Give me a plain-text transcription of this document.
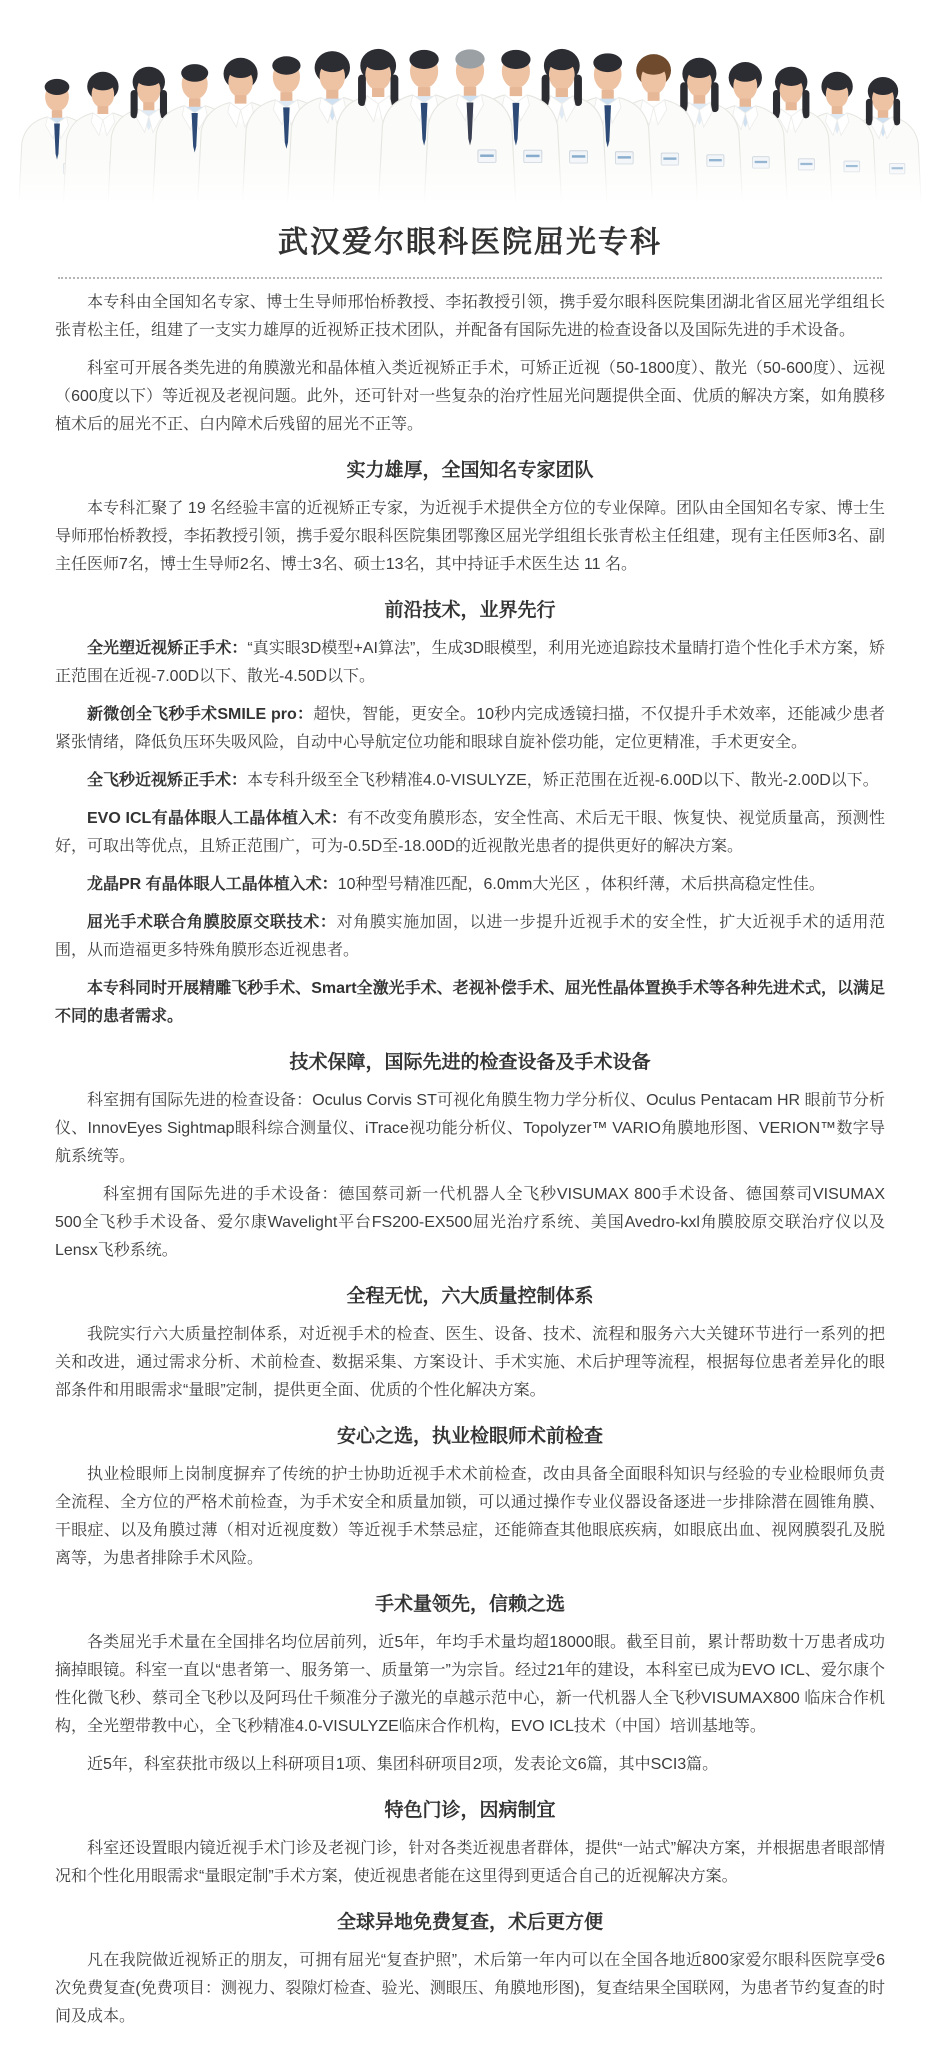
武汉爱尔眼科医院屈光专科

本专科由全国知名专家、博士生导师邢怡桥教授、李拓教授引领，携手爱尔眼科医院集团湖北省区屈光学组组长张青松主任，组建了一支实力雄厚的近视矫正技术团队，并配备有国际先进的检查设备以及国际先进的手术设备。

科室可开展各类先进的角膜激光和晶体植入类近视矫正手术，可矫正近视（50-1800度）、散光（50-600度）、远视（600度以下）等近视及老视问题。此外，还可针对一些复杂的治疗性屈光问题提供全面、优质的解决方案，如角膜移植术后的屈光不正、白内障术后残留的屈光不正等。

实力雄厚，全国知名专家团队

本专科汇聚了 19 名经验丰富的近视矫正专家，为近视手术提供全方位的专业保障。团队由全国知名专家、博士生导师邢怡桥教授，李拓教授引领，携手爱尔眼科医院集团鄂豫区屈光学组组长张青松主任组建，现有主任医师3名、副主任医师7名，博士生导师2名、博士3名、硕士13名，其中持证手术医生达 11 名。

前沿技术，业界先行

全光塑近视矫正手术：“真实眼3D模型+AI算法”，生成3D眼模型，利用光迹追踪技术量睛打造个性化手术方案，矫正范围在近视-7.00D以下、散光-4.50D以下。

新微创全飞秒手术SMILE pro：超快，智能，更安全。10秒内完成透镜扫描，不仅提升手术效率，还能减少患者紧张情绪，降低负压环失吸风险，自动中心导航定位功能和眼球自旋补偿功能，定位更精准，手术更安全。

全飞秒近视矫正手术：本专科升级至全飞秒精准4.0-VISULYZE，矫正范围在近视-6.00D以下、散光-2.00D以下。

EVO ICL有晶体眼人工晶体植入术：有不改变角膜形态，安全性高、术后无干眼、恢复快、视觉质量高，预测性好，可取出等优点，且矫正范围广，可为-0.5D至-18.00D的近视散光患者的提供更好的解决方案。

龙晶PR 有晶体眼人工晶体植入术：10种型号精准匹配，6.0mm大光区 ，体积纤薄，术后拱高稳定性佳。

屈光手术联合角膜胶原交联技术：对角膜实施加固，以进一步提升近视手术的安全性，扩大近视手术的适用范围，从而造福更多特殊角膜形态近视患者。

本专科同时开展精雕飞秒手术、Smart全激光手术、老视补偿手术、屈光性晶体置换手术等各种先进术式，以满足不同的患者需求。

技术保障，国际先进的检查设备及手术设备

科室拥有国际先进的检查设备：Oculus Corvis ST可视化角膜生物力学分析仪、Oculus Pentacam HR 眼前节分析仪、InnovEyes Sightmap眼科综合测量仪、iTrace视功能分析仪、Topolyzer™ VARIO角膜地形图、VERION™数字导航系统等。

科室拥有国际先进的手术设备：德国蔡司新一代机器人全飞秒VISUMAX 800手术设备、德国蔡司VISUMAX 500全飞秒手术设备、爱尔康Wavelight平台FS200-EX500屈光治疗系统、美国Avedro-kxl角膜胶原交联治疗仪以及Lensx飞秒系统。

全程无忧，六大质量控制体系

我院实行六大质量控制体系，对近视手术的检查、医生、设备、技术、流程和服务六大关键环节进行一系列的把关和改进，通过需求分析、术前检查、数据采集、方案设计、手术实施、术后护理等流程，根据每位患者差异化的眼部条件和用眼需求“量眼”定制，提供更全面、优质的个性化解决方案。

安心之选，执业检眼师术前检查

执业检眼师上岗制度摒弃了传统的护士协助近视手术术前检查，改由具备全面眼科知识与经验的专业检眼师负责全流程、全方位的严格术前检查，为手术安全和质量加锁，可以通过操作专业仪器设备逐进一步排除潜在圆锥角膜、干眼症、以及角膜过薄（相对近视度数）等近视手术禁忌症，还能筛查其他眼底疾病，如眼底出血、视网膜裂孔及脱离等，为患者排除手术风险。

手术量领先，信赖之选

各类屈光手术量在全国排名均位居前列，近5年，年均手术量均超18000眼。截至目前，累计帮助数十万患者成功摘掉眼镜。科室一直以“患者第一、服务第一、质量第一”为宗旨。经过21年的建设，本科室已成为EVO ICL、爱尔康个性化微飞秒、蔡司全飞秒以及阿玛仕千频准分子激光的卓越示范中心，新一代机器人全飞秒VISUMAX800 临床合作机构，全光塑带教中心，全飞秒精准4.0-VISULYZE临床合作机构，EVO ICL技术（中国）培训基地等。

近5年，科室获批市级以上科研项目1项、集团科研项目2项，发表论文6篇，其中SCI3篇。

特色门诊，因病制宜

科室还设置眼内镜近视手术门诊及老视门诊，针对各类近视患者群体，提供“一站式”解决方案，并根据患者眼部情况和个性化用眼需求“量眼定制”手术方案，使近视患者能在这里得到更适合自己的近视解决方案。

全球异地免费复查，术后更方便

凡在我院做近视矫正的朋友，可拥有屈光“复查护照”，术后第一年内可以在全国各地近800家爱尔眼科医院享受6次免费复查(免费项目：测视力、裂隙灯检查、验光、测眼压、角膜地形图)，复查结果全国联网，为患者节约复查的时间及成本。
